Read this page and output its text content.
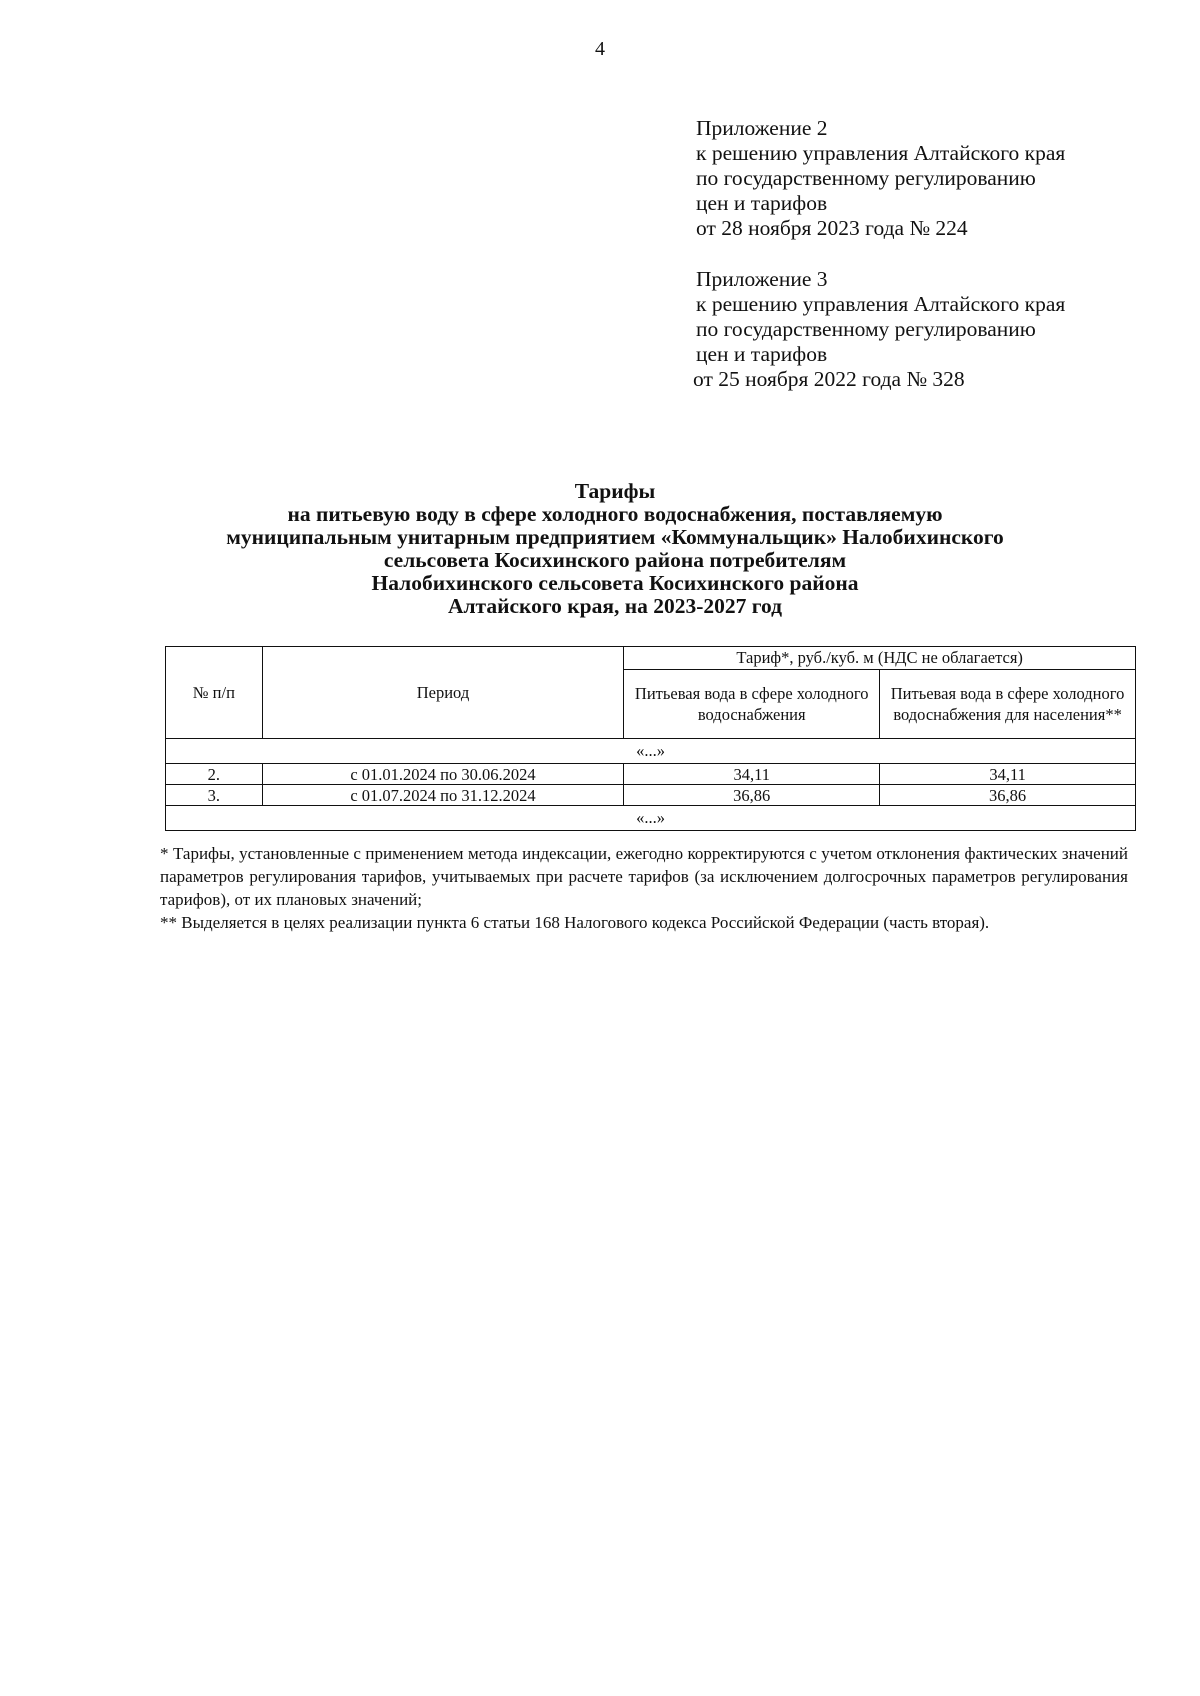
4
Приложение 2
к решению управления Алтайского края
по государственному регулированию
цен и тарифов
от 28 ноября 2023 года № 224
Приложение 3
к решению управления Алтайского края
по государственному регулированию
цен и тарифов
от 25 ноября 2022 года № 328
Тарифы
на питьевую воду в сфере холодного водоснабжения, поставляемую
муниципальным унитарным предприятием «Коммунальщик» Налобихинского
сельсовета Косихинского района потребителям
Налобихинского сельсовета Косихинского района
Алтайского края, на 2023-2027 год
№ п/п	Период	Тариф*, руб./куб. м (НДС не облагается)	
		Питьевая вода в сфере холодного водоснабжения	Питьевая вода в сфере холодного водоснабжения для населения**
«...»			
2.	с 01.01.2024 по 30.06.2024	34,11	34,11
3.	с 01.07.2024 по 31.12.2024	36,86	36,86
«...»			

* Тарифы, установленные с применением метода индексации, ежегодно корректируются с учетом отклонения фактических значений параметров регулирования тарифов, учитываемых при расчете тарифов (за исключением долгосрочных параметров регулирования тарифов), от их плановых значений;

** Выделяется в целях реализации пункта 6 статьи 168 Налогового кодекса Российской Федерации (часть вторая).
